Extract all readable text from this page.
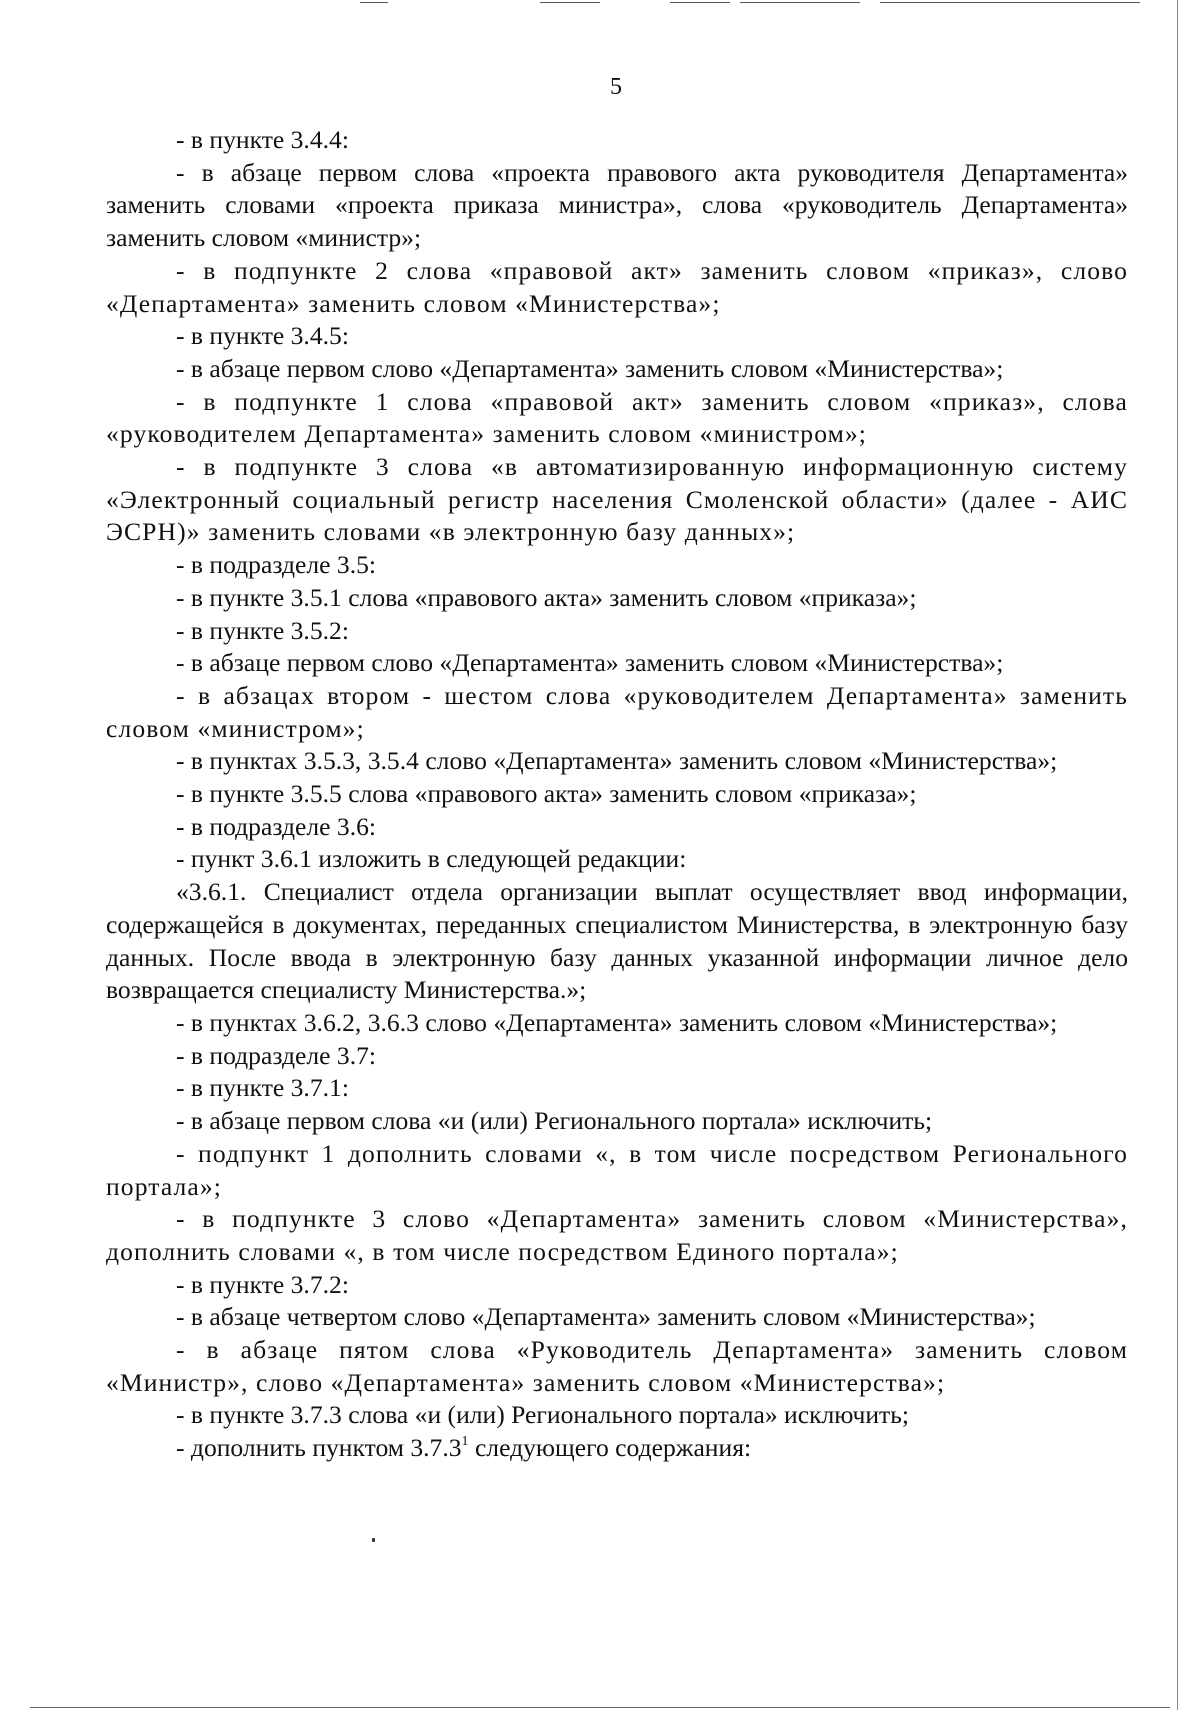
5

- в пункте 3.4.4:

- в абзаце первом слова «проекта правового акта руководителя Департамента» заменить словами «проекта приказа министра», слова «руководитель Департамента» заменить словом «министр»;

- в подпункте 2 слова «правовой акт» заменить словом «приказ», слово «Департамента» заменить словом «Министерства»;

- в пункте 3.4.5:

- в абзаце первом слово «Департамента» заменить словом «Министерства»;

- в подпункте 1 слова «правовой акт» заменить словом «приказ», слова «руководителем Департамента» заменить словом «министром»;

- в подпункте 3 слова «в автоматизированную информационную систему «Электронный социальный регистр населения Смоленской области» (далее - АИС ЭСРН)» заменить словами «в электронную базу данных»;

- в подразделе 3.5:

- в пункте 3.5.1 слова «правового акта» заменить словом «приказа»;

- в пункте 3.5.2:

- в абзаце первом слово «Департамента» заменить словом «Министерства»;

- в абзацах втором - шестом слова «руководителем Департамента» заменить словом «министром»;

- в пунктах 3.5.3, 3.5.4 слово «Департамента» заменить словом «Министерства»;

- в пункте 3.5.5 слова «правового акта» заменить словом «приказа»;

- в подразделе 3.6:

- пункт 3.6.1 изложить в следующей редакции:

«3.6.1. Специалист отдела организации выплат осуществляет ввод информации, содержащейся в документах, переданных специалистом Министерства, в электронную базу данных. После ввода в электронную базу данных указанной информации личное дело возвращается специалисту Министерства.»;

- в пунктах 3.6.2, 3.6.3 слово «Департамента» заменить словом «Министерства»;

- в подразделе 3.7:

- в пункте 3.7.1:

- в абзаце первом слова «и (или) Регионального портала» исключить;

- подпункт 1 дополнить словами «, в том числе посредством Регионального портала»;

- в подпункте 3 слово «Департамента» заменить словом «Министерства», дополнить словами «, в том числе посредством Единого портала»;

- в пункте 3.7.2:

- в абзаце четвертом слово «Департамента» заменить словом «Министерства»;

- в абзаце пятом слова «Руководитель Департамента» заменить словом «Министр», слово «Департамента» заменить словом «Министерства»;

- в пункте 3.7.3 слова «и (или) Регионального портала» исключить;

- дополнить пунктом 3.7.3$^1$ следующего содержания:
